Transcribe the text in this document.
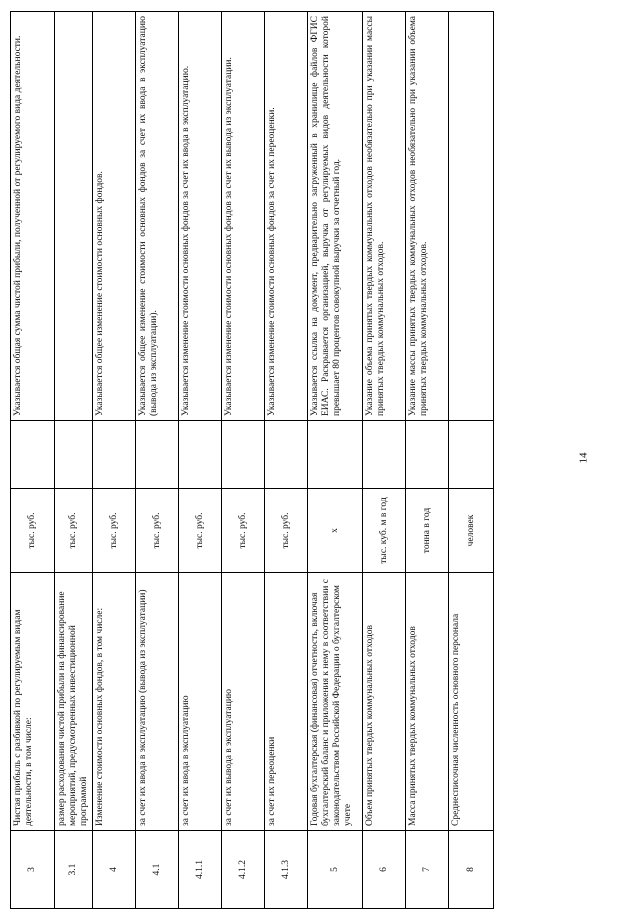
14
3	Чистая прибыль с разбивкой по регулируемым видам деятельности, в том числе:	тыс. руб.		Указывается общая сумма чистой прибыли, полученной от регулируемого вида деятельности.
3.1	размер расходования чистой прибыли на финансирование мероприятий, предусмотренных инвестиционной программой	тыс. руб.		
4	Изменение стоимости основных фондов, в том числе:	тыс. руб.		Указывается общее изменение стоимости основных фондов.
4.1	за счет их ввода в эксплуатацию (вывода из эксплуатации)	тыс. руб.		Указывается общее изменение стоимости основных фондов за счет их ввода в эксплуатацию (вывода из эксплуатации).
4.1.1	за счет их ввода в эксплуатацию	тыс. руб.		Указывается изменение стоимости основных фондов за счет их ввода в эксплуатацию.
4.1.2	за счет их вывода в эксплуатацию	тыс. руб.		Указывается изменение стоимости основных фондов за счет их вывода из эксплуатации.
4.1.3	за счет их переоценки	тыс. руб.		Указывается изменение стоимости основных фондов за счет их переоценки.
5	Годовая бухгалтерская (финансовая) отчетность, включая бухгалтерский баланс и приложения к нему в соответствии с законодательством Российской Федерации о бухгалтерском учете	x		Указывается ссылка на документ, предварительно загруженный в хранилище файлов ФГИС ЕИАС. Раскрывается организацией, выручка от регулируемых видов деятельности которой превышает 80 процентов совокупной выручки за отчетный год.
6	Объем принятых твердых коммунальных отходов	тыс. куб. м в год		Указание объема принятых твердых коммунальных отходов необязательно при указании массы принятых твердых коммунальных отходов.
7	Масса принятых твердых коммунальных отходов	тонна в год		Указание массы принятых твердых коммунальных отходов необязательно при указании объема принятых твердых коммунальных отходов.
8	Среднесписочная численность основного персонала	человек		
